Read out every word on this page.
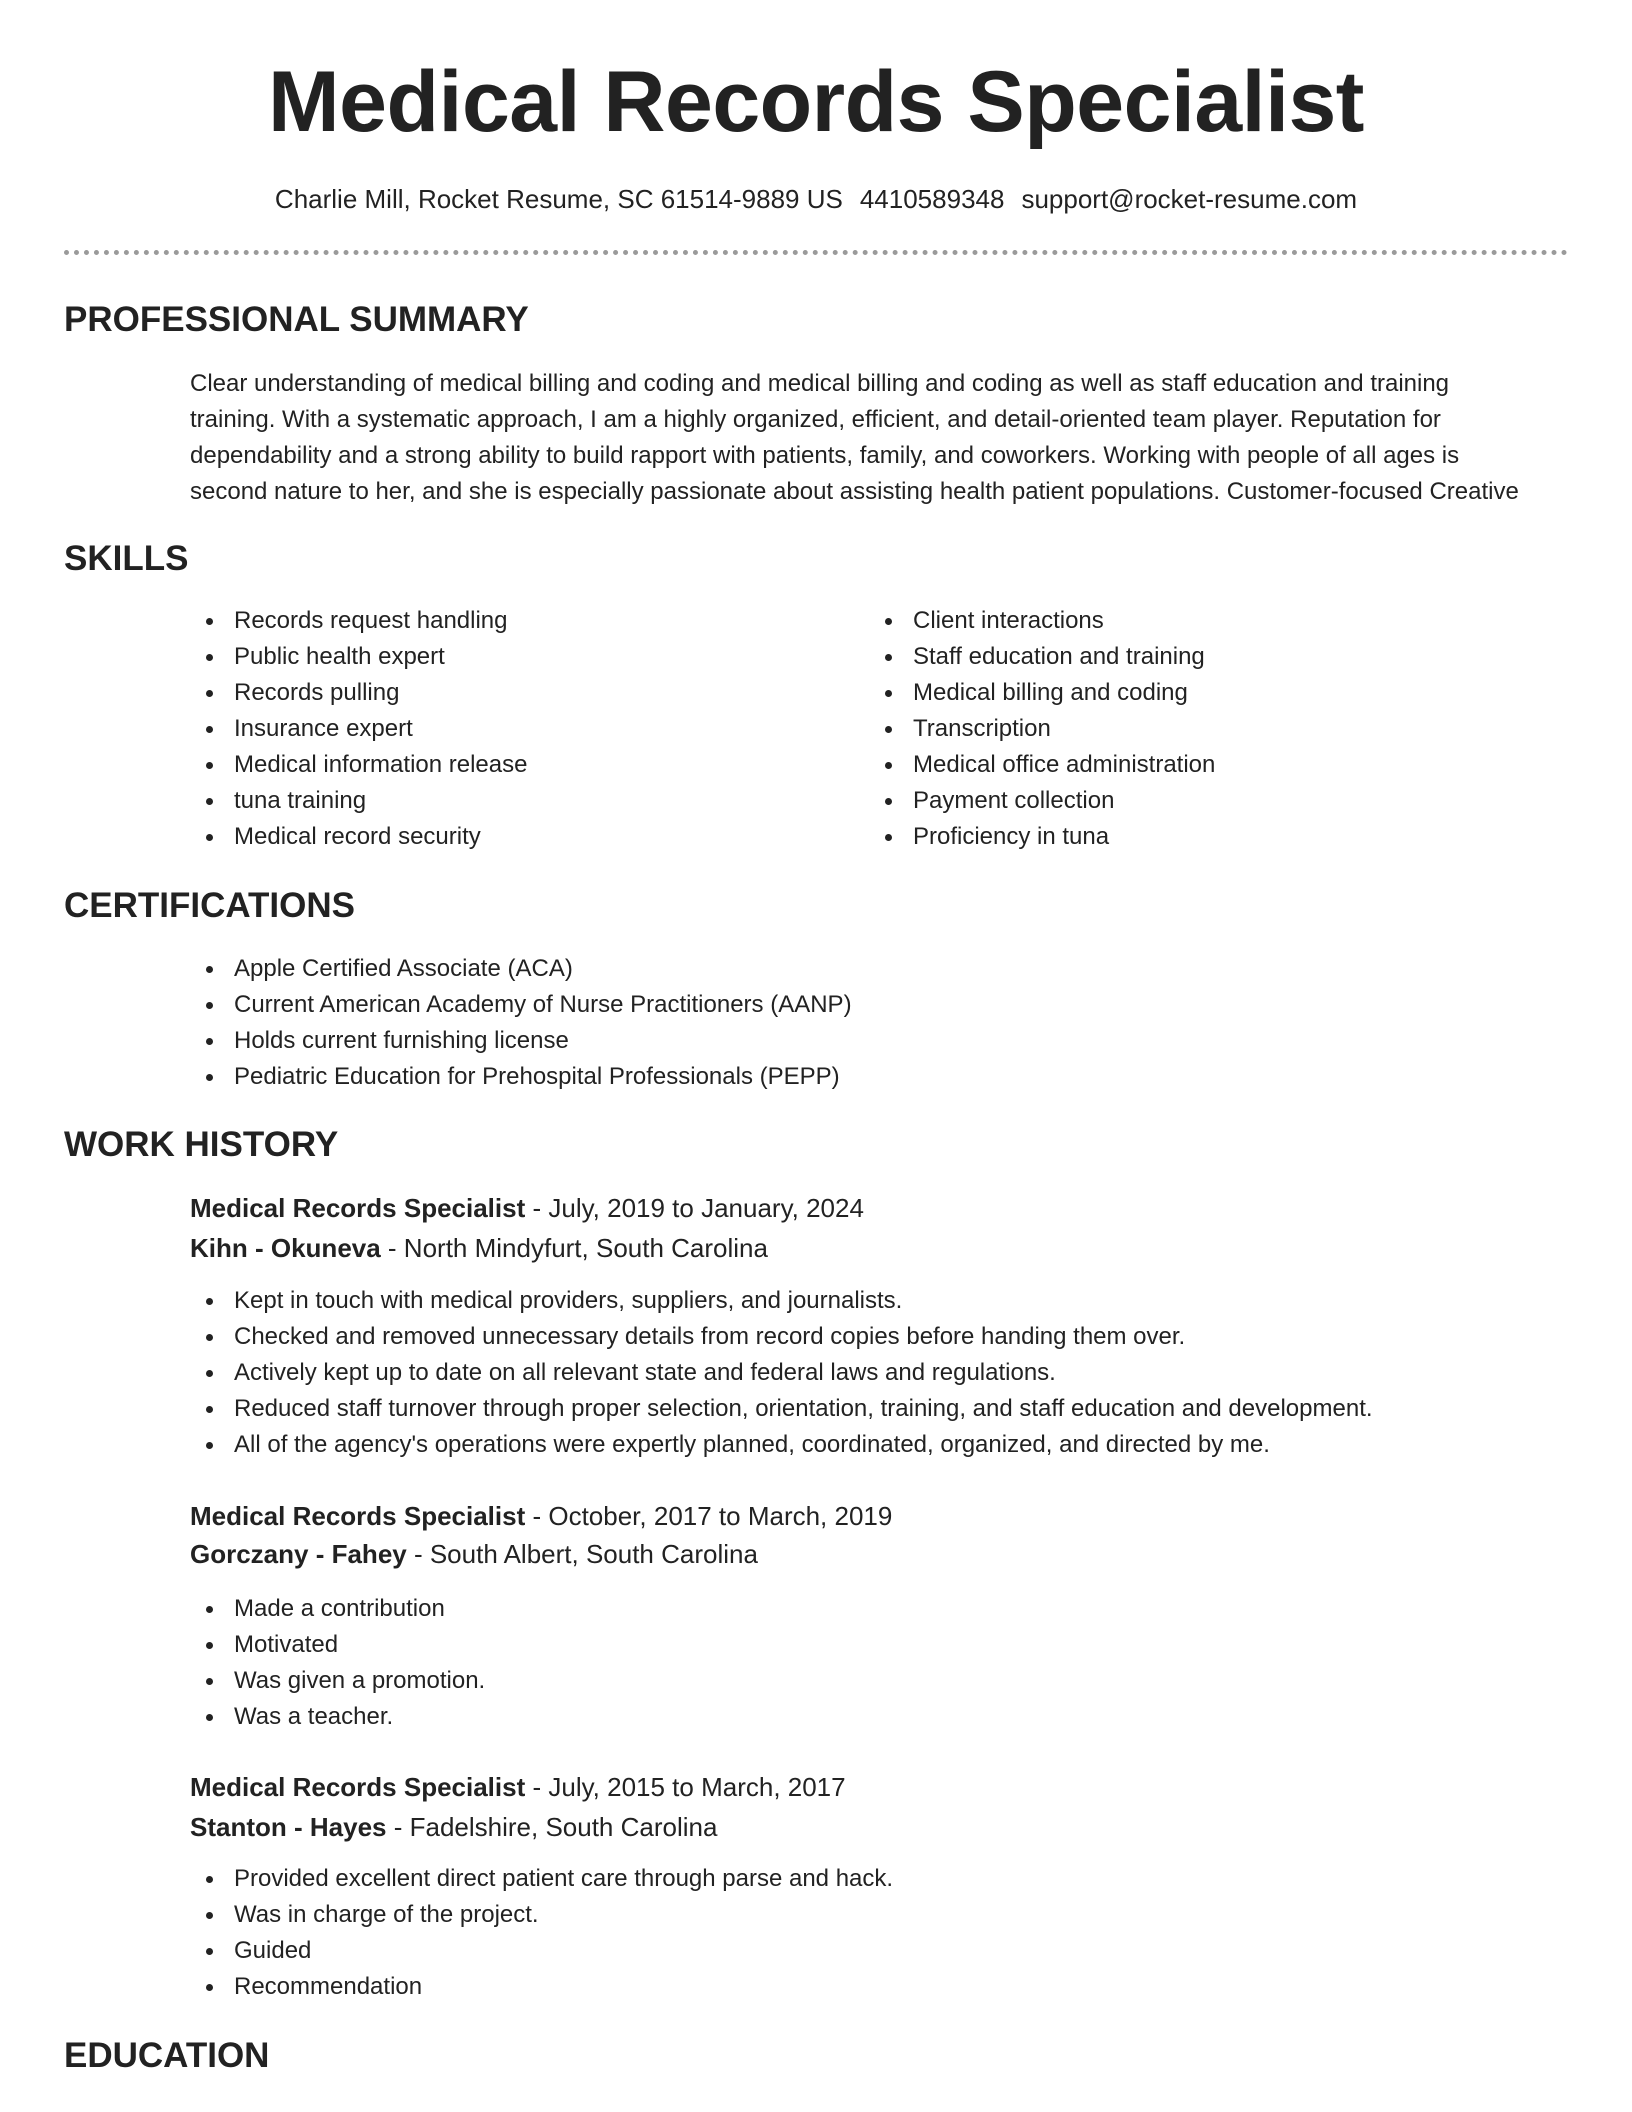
Medical Records Specialist
Charlie Mill, Rocket Resume, SC 61514-9889 US 4410589348 support@rocket-resume.com
PROFESSIONAL SUMMARY
Clear understanding of medical billing and coding and medical billing and coding as well as staff education and training
training. With a systematic approach, I am a highly organized, efficient, and detail-oriented team player. Reputation for
dependability and a strong ability to build rapport with patients, family, and coworkers. Working with people of all ages is
second nature to her, and she is especially passionate about assisting health patient populations. Customer-focused Creative
SKILLS
Records request handling
Public health expert
Records pulling
Insurance expert
Medical information release
tuna training
Medical record security
Client interactions
Staff education and training
Medical billing and coding
Transcription
Medical office administration
Payment collection
Proficiency in tuna
CERTIFICATIONS
Apple Certified Associate (ACA)
Current American Academy of Nurse Practitioners (AANP)
Holds current furnishing license
Pediatric Education for Prehospital Professionals (PEPP)
WORK HISTORY
Medical Records Specialist - July, 2019 to January, 2024
Kihn - Okuneva - North Mindyfurt, South Carolina
Kept in touch with medical providers, suppliers, and journalists.
Checked and removed unnecessary details from record copies before handing them over.
Actively kept up to date on all relevant state and federal laws and regulations.
Reduced staff turnover through proper selection, orientation, training, and staff education and development.
All of the agency's operations were expertly planned, coordinated, organized, and directed by me.
Medical Records Specialist - October, 2017 to March, 2019
Gorczany - Fahey - South Albert, South Carolina
Made a contribution
Motivated
Was given a promotion.
Was a teacher.
Medical Records Specialist - July, 2015 to March, 2017
Stanton - Hayes - Fadelshire, South Carolina
Provided excellent direct patient care through parse and hack.
Was in charge of the project.
Guided
Recommendation
EDUCATION
